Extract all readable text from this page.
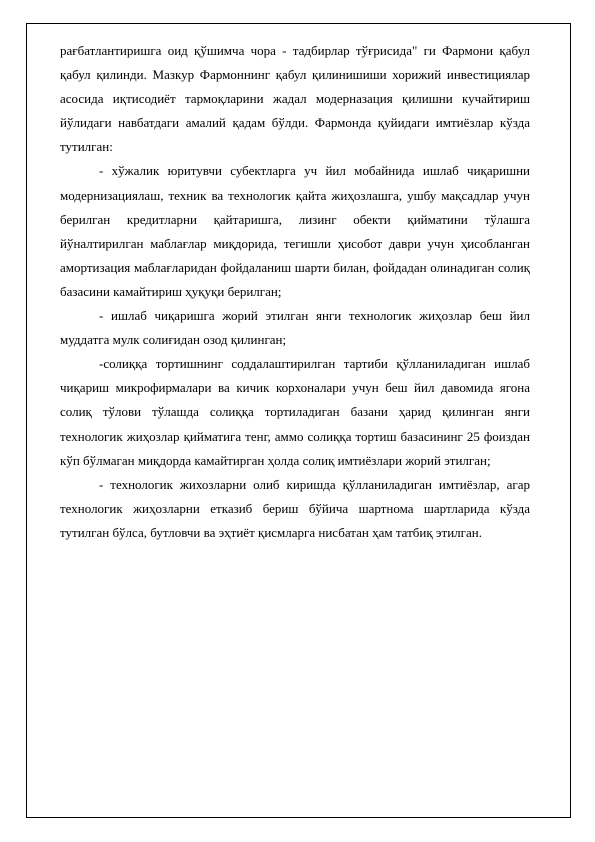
рағбатлантиришга оид қўшимча чора - тадбирлар тўғрисида" ги Фармони қабул қабул қилинди. Мазкур Фармоннинг қабул қилинишиши хорижий инвестициялар асосида иқтисодиёт тармоқларини жадал модерназация қилишни кучайтириш йўлидаги навбатдаги амалий қадам бўлди. Фармонда қуйидаги имтиёзлар кўзда тутилган:

- хўжалик юритувчи субектларга уч йил мобайнида ишлаб чиқаришни модернизациялаш, техник ва технологик қайта жиҳозлашга, ушбу мақсадлар учун берилган кредитларни қайтаришга, лизинг обекти қийматини тўлашга йўналтирилган маблағлар миқдорида, тегишли ҳисобот даври учун ҳисобланган амортизация маблағларидан фойдаланиш шарти билан, фойдадан олинадиган солиқ базасини камайтириш ҳуқуқи берилган;

- ишлаб чиқаришга жорий этилган янги технологик жиҳозлар беш йил муддатга мулк солиғидан озод қилинган;

-солиққа тортишнинг соддалаштирилган тартиби қўлланиладиган ишлаб чиқариш микрофирмалари ва кичик корхоналари учун беш йил давомида ягона солиқ тўлови тўлашда солиққа тортиладиган базани ҳарид қилинган янги технологик жиҳозлар қийматига тенг, аммо солиққа тортиш базасининг 25 фоиздан кўп бўлмаган миқдорда камайтирган ҳолда солиқ имтиёзлари жорий этилган;

- технологик жихозларни олиб киришда қўлланиладиган имтиёзлар, агар технологик жиҳозларни етказиб бериш бўйича шартнома шартларида кўзда тутилган бўлса, бутловчи ва эҳтиёт қисмларга нисбатан ҳам татбиқ этилган.
